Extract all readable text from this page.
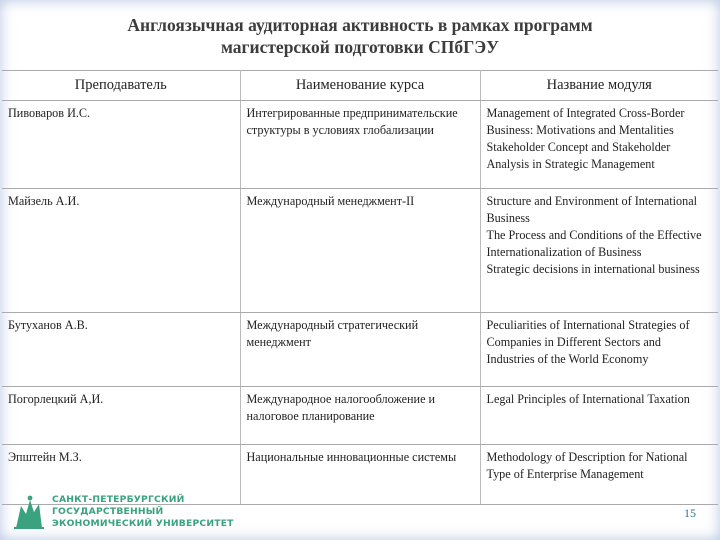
Англоязычная аудиторная активность в рамках программ
магистерской подготовки СПбГЭУ
Преподаватель	Наименование курса	Название модуля
Пивоваров И.С.	Интегрированные предпринимательские структуры в условиях глобализации	Management of Integrated Cross-Border Business: Motivations and Mentalities
Stakeholder Concept and Stakeholder Analysis in Strategic Management

Майзель А.И.	Международный менеджмент-II	Structure and Environment of International Business
The Process and Conditions of the Effective Internationalization of Business
Strategic decisions in international business

Бутуханов А.В.	Международный стратегический менеджмент	Peculiarities of International Strategies of Companies in Different Sectors and Industries of the World Economy

Погорлецкий А,И.	Международное налогообложение и налоговое планирование	Legal Principles of International Taxation

Эпштейн М.З.	Национальные инновационные системы	Methodology of Description for National Type of Enterprise Management
САНКТ-ПЕТЕРБУРГСКИЙ
ГОСУДАРСТВЕННЫЙ
ЭКОНОМИЧЕСКИЙ УНИВЕРСИТЕТ
15
